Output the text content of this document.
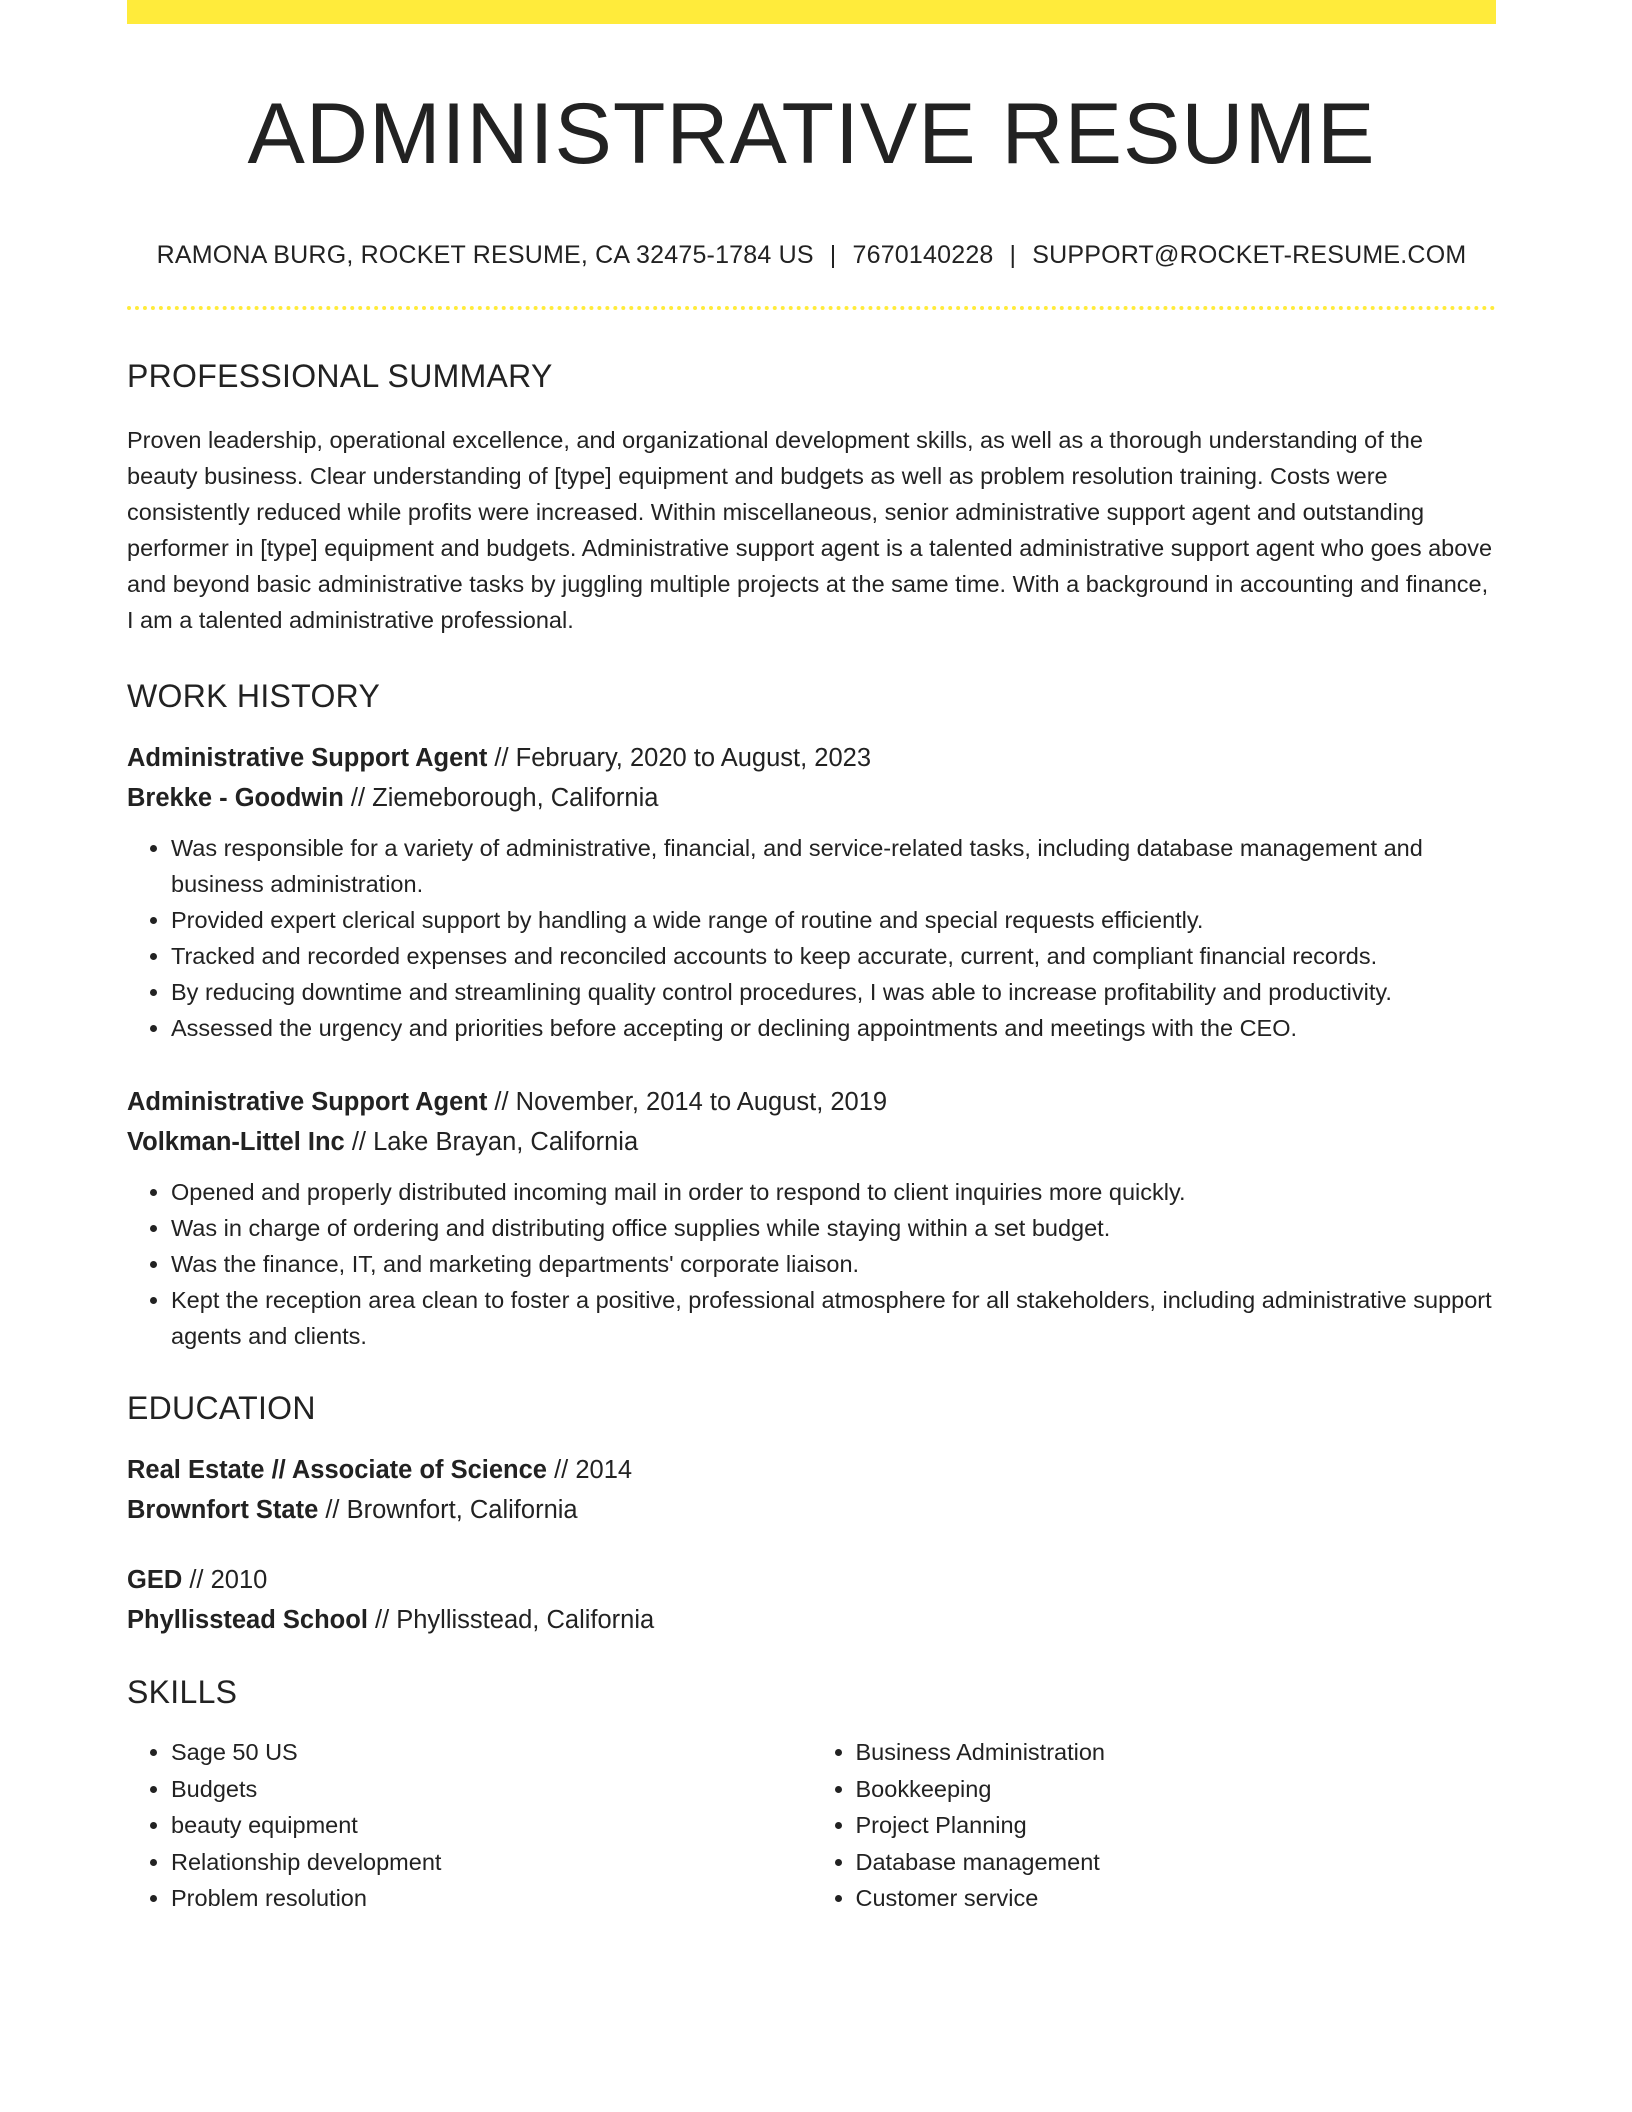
ADMINISTRATIVE RESUME
RAMONA BURG, ROCKET RESUME, CA 32475-1784 US | 7670140228 | SUPPORT@ROCKET-RESUME.COM
PROFESSIONAL SUMMARY
Proven leadership, operational excellence, and organizational development skills, as well as a thorough understanding of the beauty business. Clear understanding of [type] equipment and budgets as well as problem resolution training. Costs were consistently reduced while profits were increased. Within miscellaneous, senior administrative support agent and outstanding performer in [type] equipment and budgets. Administrative support agent is a talented administrative support agent who goes above and beyond basic administrative tasks by juggling multiple projects at the same time. With a background in accounting and finance, I am a talented administrative professional.
WORK HISTORY
Administrative Support Agent // February, 2020 to August, 2023
Brekke - Goodwin // Ziemeborough, California
• Was responsible for a variety of administrative, financial, and service-related tasks, including database management and business administration.
• Provided expert clerical support by handling a wide range of routine and special requests efficiently.
• Tracked and recorded expenses and reconciled accounts to keep accurate, current, and compliant financial records.
• By reducing downtime and streamlining quality control procedures, I was able to increase profitability and productivity.
• Assessed the urgency and priorities before accepting or declining appointments and meetings with the CEO.
Administrative Support Agent // November, 2014 to August, 2019
Volkman-Littel Inc // Lake Brayan, California
• Opened and properly distributed incoming mail in order to respond to client inquiries more quickly.
• Was in charge of ordering and distributing office supplies while staying within a set budget.
• Was the finance, IT, and marketing departments' corporate liaison.
• Kept the reception area clean to foster a positive, professional atmosphere for all stakeholders, including administrative support agents and clients.
EDUCATION
Real Estate // Associate of Science // 2014
Brownfort State // Brownfort, California
GED // 2010
Phyllisstead School // Phyllisstead, California
SKILLS
• Sage 50 US
• Budgets
• beauty equipment
• Relationship development
• Problem resolution
• Business Administration
• Bookkeeping
• Project Planning
• Database management
• Customer service
